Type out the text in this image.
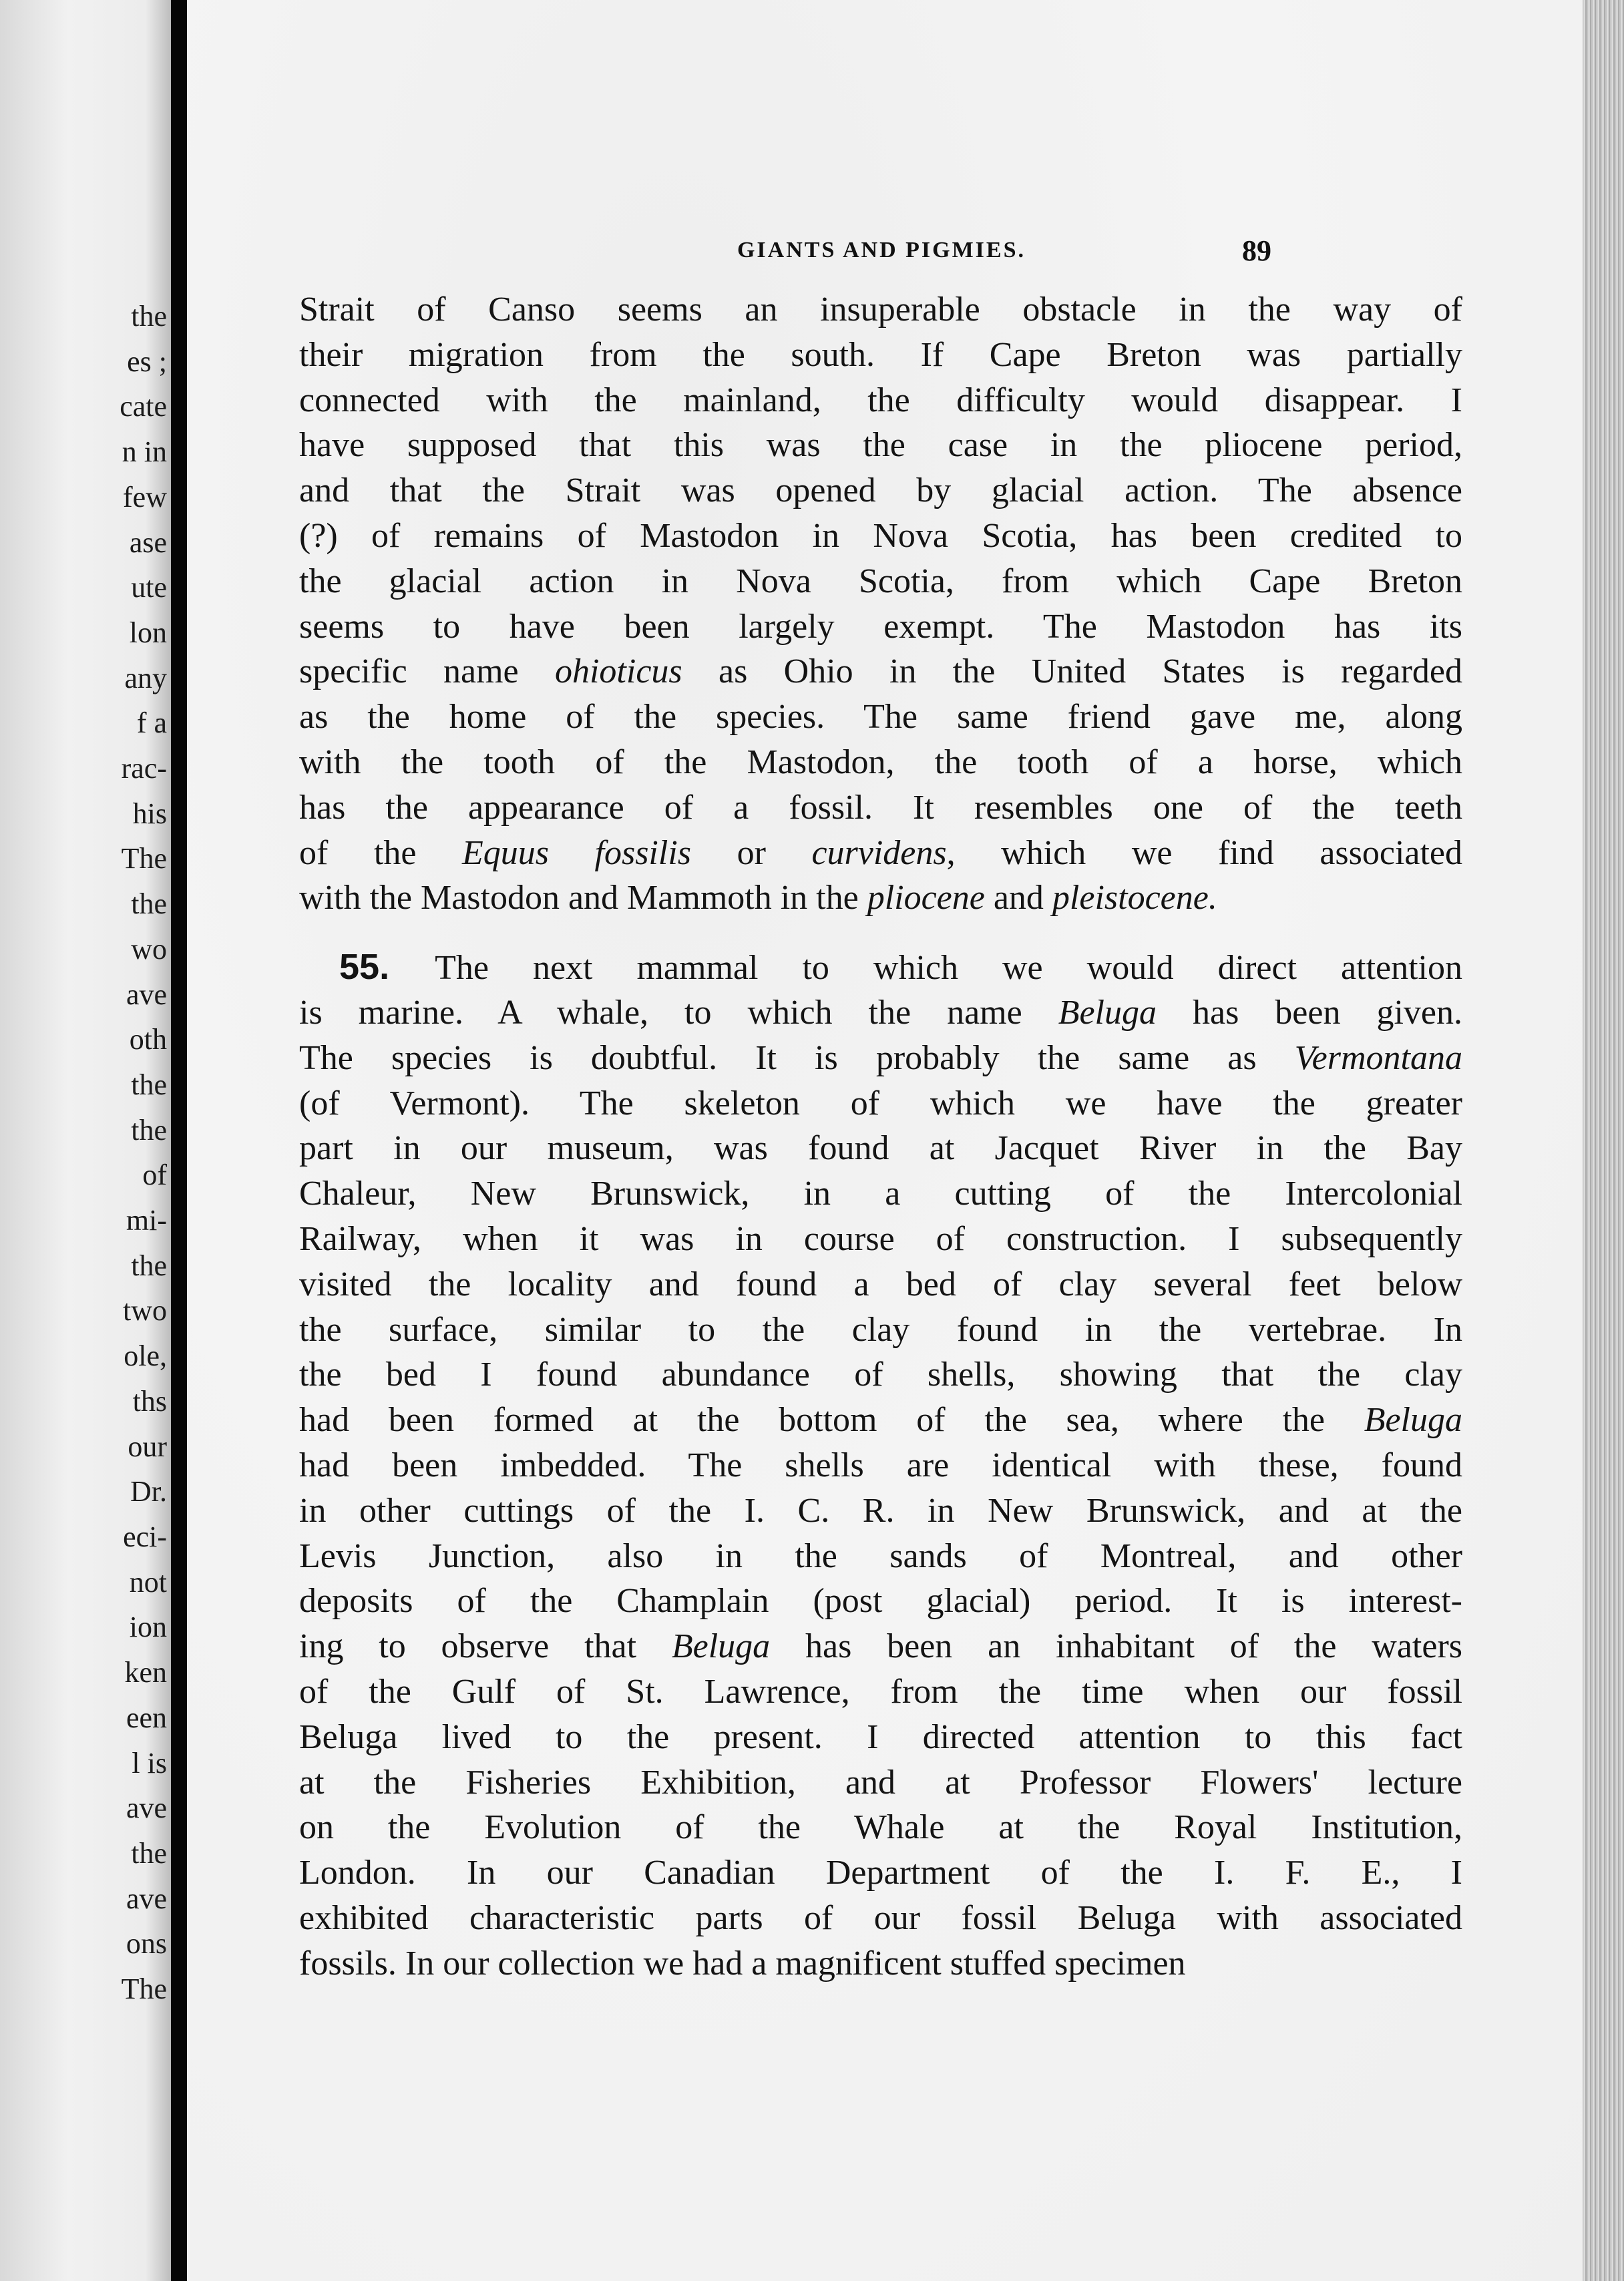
the
es ;
cate
n in
few
ase
ute
lon
any
f a
rac-
his
The
the
wo
ave
oth
the
the
of
mi-
the
two
ole,
ths
our
Dr.
eci-
not
ion
ken
een
l is
ave
the
ave
ons
The
GIANTS AND PIGMIES.	89
Strait of Canso seems an insuperable obstacle in the way of
their migration from the south. If Cape Breton was partially
connected with the mainland, the difficulty would disappear. I
have supposed that this was the case in the pliocene period,
and that the Strait was opened by glacial action. The absence
(?) of remains of Mastodon in Nova Scotia, has been credited to
the glacial action in Nova Scotia, from which Cape Breton
seems to have been largely exempt. The Mastodon has its
specific name ohioticus as Ohio in the United States is regarded
as the home of the species. The same friend gave me, along
with the tooth of the Mastodon, the tooth of a horse, which
has the appearance of a fossil. It resembles one of the teeth
of the Equus fossilis or curvidens, which we find associated
with the Mastodon and Mammoth in the pliocene and pleistocene.
55. The next mammal to which we would direct attention
is marine. A whale, to which the name Beluga has been given.
The species is doubtful. It is probably the same as Vermontana
(of Vermont). The skeleton of which we have the greater
part in our museum, was found at Jacquet River in the Bay
Chaleur, New Brunswick, in a cutting of the Intercolonial
Railway, when it was in course of construction. I subsequently
visited the locality and found a bed of clay several feet below
the surface, similar to the clay found in the vertebrae. In
the bed I found abundance of shells, showing that the clay
had been formed at the bottom of the sea, where the Beluga
had been imbedded. The shells are identical with these, found
in other cuttings of the I. C. R. in New Brunswick, and at the
Levis Junction, also in the sands of Montreal, and other
deposits of the Champlain (post glacial) period. It is interest-
ing to observe that Beluga has been an inhabitant of the waters
of the Gulf of St. Lawrence, from the time when our fossil
Beluga lived to the present. I directed attention to this fact
at the Fisheries Exhibition, and at Professor Flowers' lecture
on the Evolution of the Whale at the Royal Institution,
London. In our Canadian Department of the I. F. E., I
exhibited characteristic parts of our fossil Beluga with associated
fossils. In our collection we had a magnificent stuffed specimen
